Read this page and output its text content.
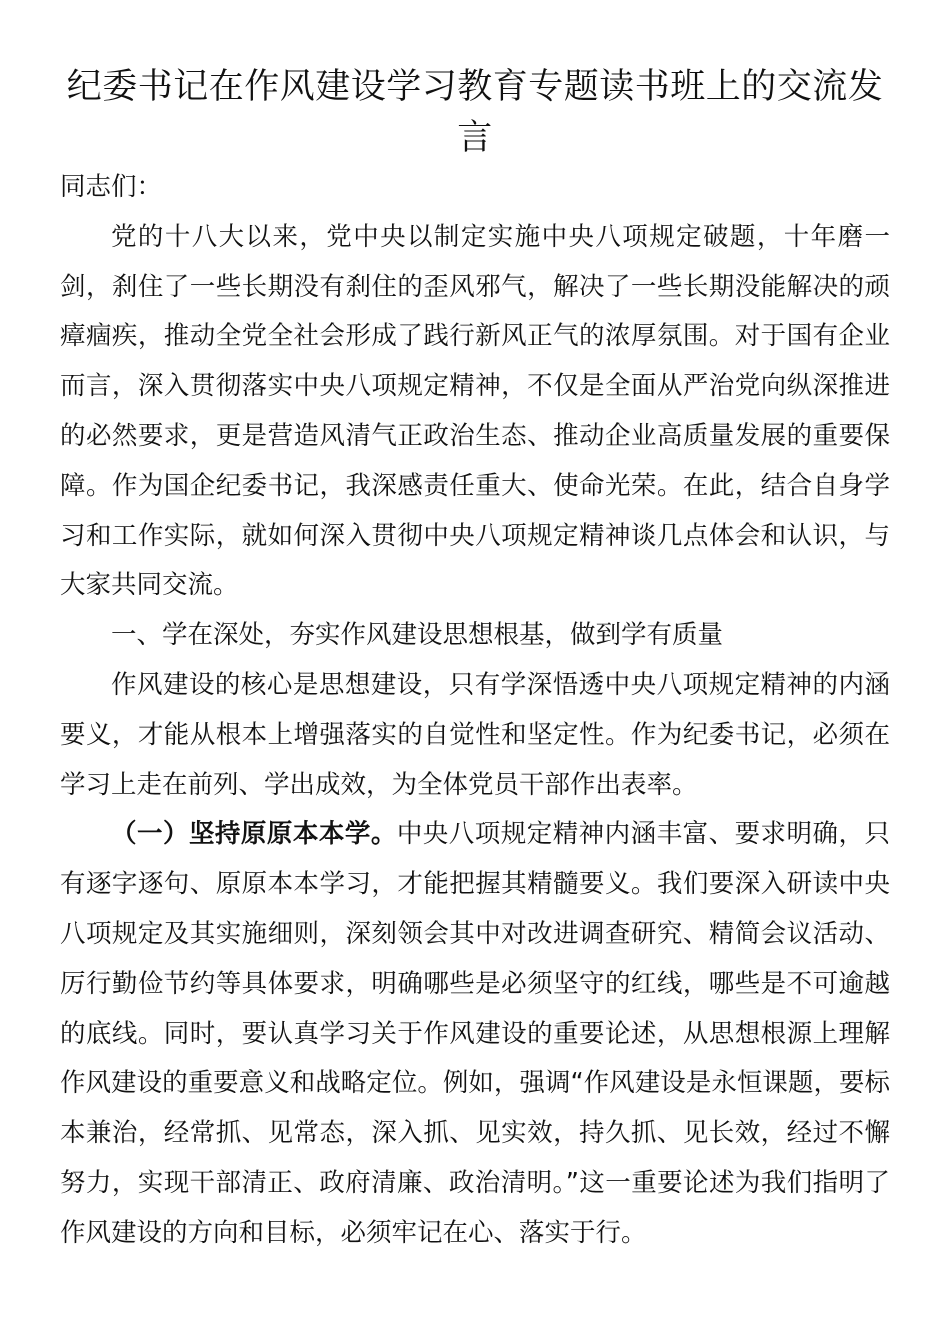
纪委书记在作风建设学习教育专题读书班上的交流发言

同志们：

党的十八大以来，党中央以制定实施中央八项规定破题，十年磨一剑，刹住了一些长期没有刹住的歪风邪气，解决了一些长期没能解决的顽瘴痼疾，推动全党全社会形成了践行新风正气的浓厚氛围。对于国有企业而言，深入贯彻落实中央八项规定精神，不仅是全面从严治党向纵深推进的必然要求，更是营造风清气正政治生态、推动企业高质量发展的重要保障。作为国企纪委书记，我深感责任重大、使命光荣。在此，结合自身学习和工作实际，就如何深入贯彻中央八项规定精神谈几点体会和认识，与大家共同交流。

一、学在深处，夯实作风建设思想根基，做到学有质量

作风建设的核心是思想建设，只有学深悟透中央八项规定精神的内涵要义，才能从根本上增强落实的自觉性和坚定性。作为纪委书记，必须在学习上走在前列、学出成效，为全体党员干部作出表率。

（一）坚持原原本本学。中央八项规定精神内涵丰富、要求明确，只有逐字逐句、原原本本学习，才能把握其精髓要义。我们要深入研读中央八项规定及其实施细则，深刻领会其中对改进调查研究、精简会议活动、厉行勤俭节约等具体要求，明确哪些是必须坚守的红线，哪些是不可逾越的底线。同时，要认真学习关于作风建设的重要论述，从思想根源上理解作风建设的重要意义和战略定位。例如，强调“作风建设是永恒课题，要标本兼治，经常抓、见常态，深入抓、见实效，持久抓、见长效，经过不懈努力，实现干部清正、政府清廉、政治清明。”这一重要论述为我们指明了作风建设的方向和目标，必须牢记在心、落实于行。
